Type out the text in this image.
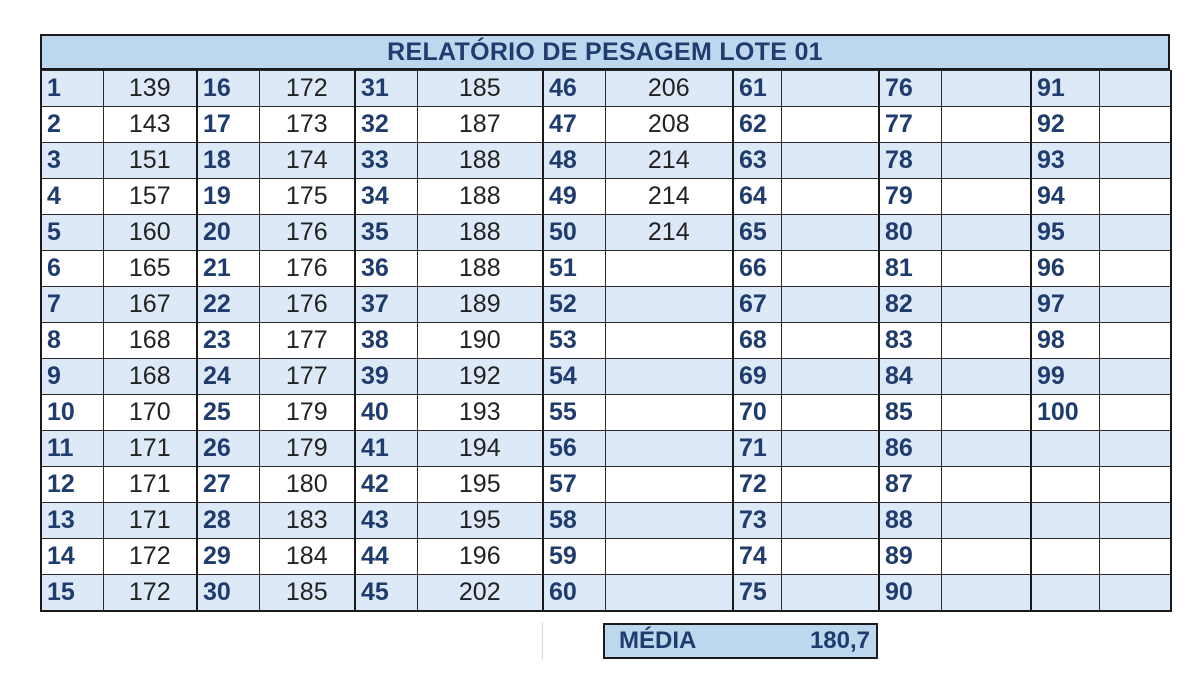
RELATÓRIO DE PESAGEM LOTE 01
1	139	16	172	31	185	46	206	61		76		91	
2	143	17	173	32	187	47	208	62		77		92	
3	151	18	174	33	188	48	214	63		78		93	
4	157	19	175	34	188	49	214	64		79		94	
5	160	20	176	35	188	50	214	65		80		95	
6	165	21	176	36	188	51		66		81		96	
7	167	22	176	37	189	52		67		82		97	
8	168	23	177	38	190	53		68		83		98	
9	168	24	177	39	192	54		69		84		99	
10	170	25	179	40	193	55		70		85		100	
11	171	26	179	41	194	56		71		86			
12	171	27	180	42	195	57		72		87			
13	171	28	183	43	195	58		73		88			
14	172	29	184	44	196	59		74		89			
15	172	30	185	45	202	60		75		90			
MÉDIA	180,7
